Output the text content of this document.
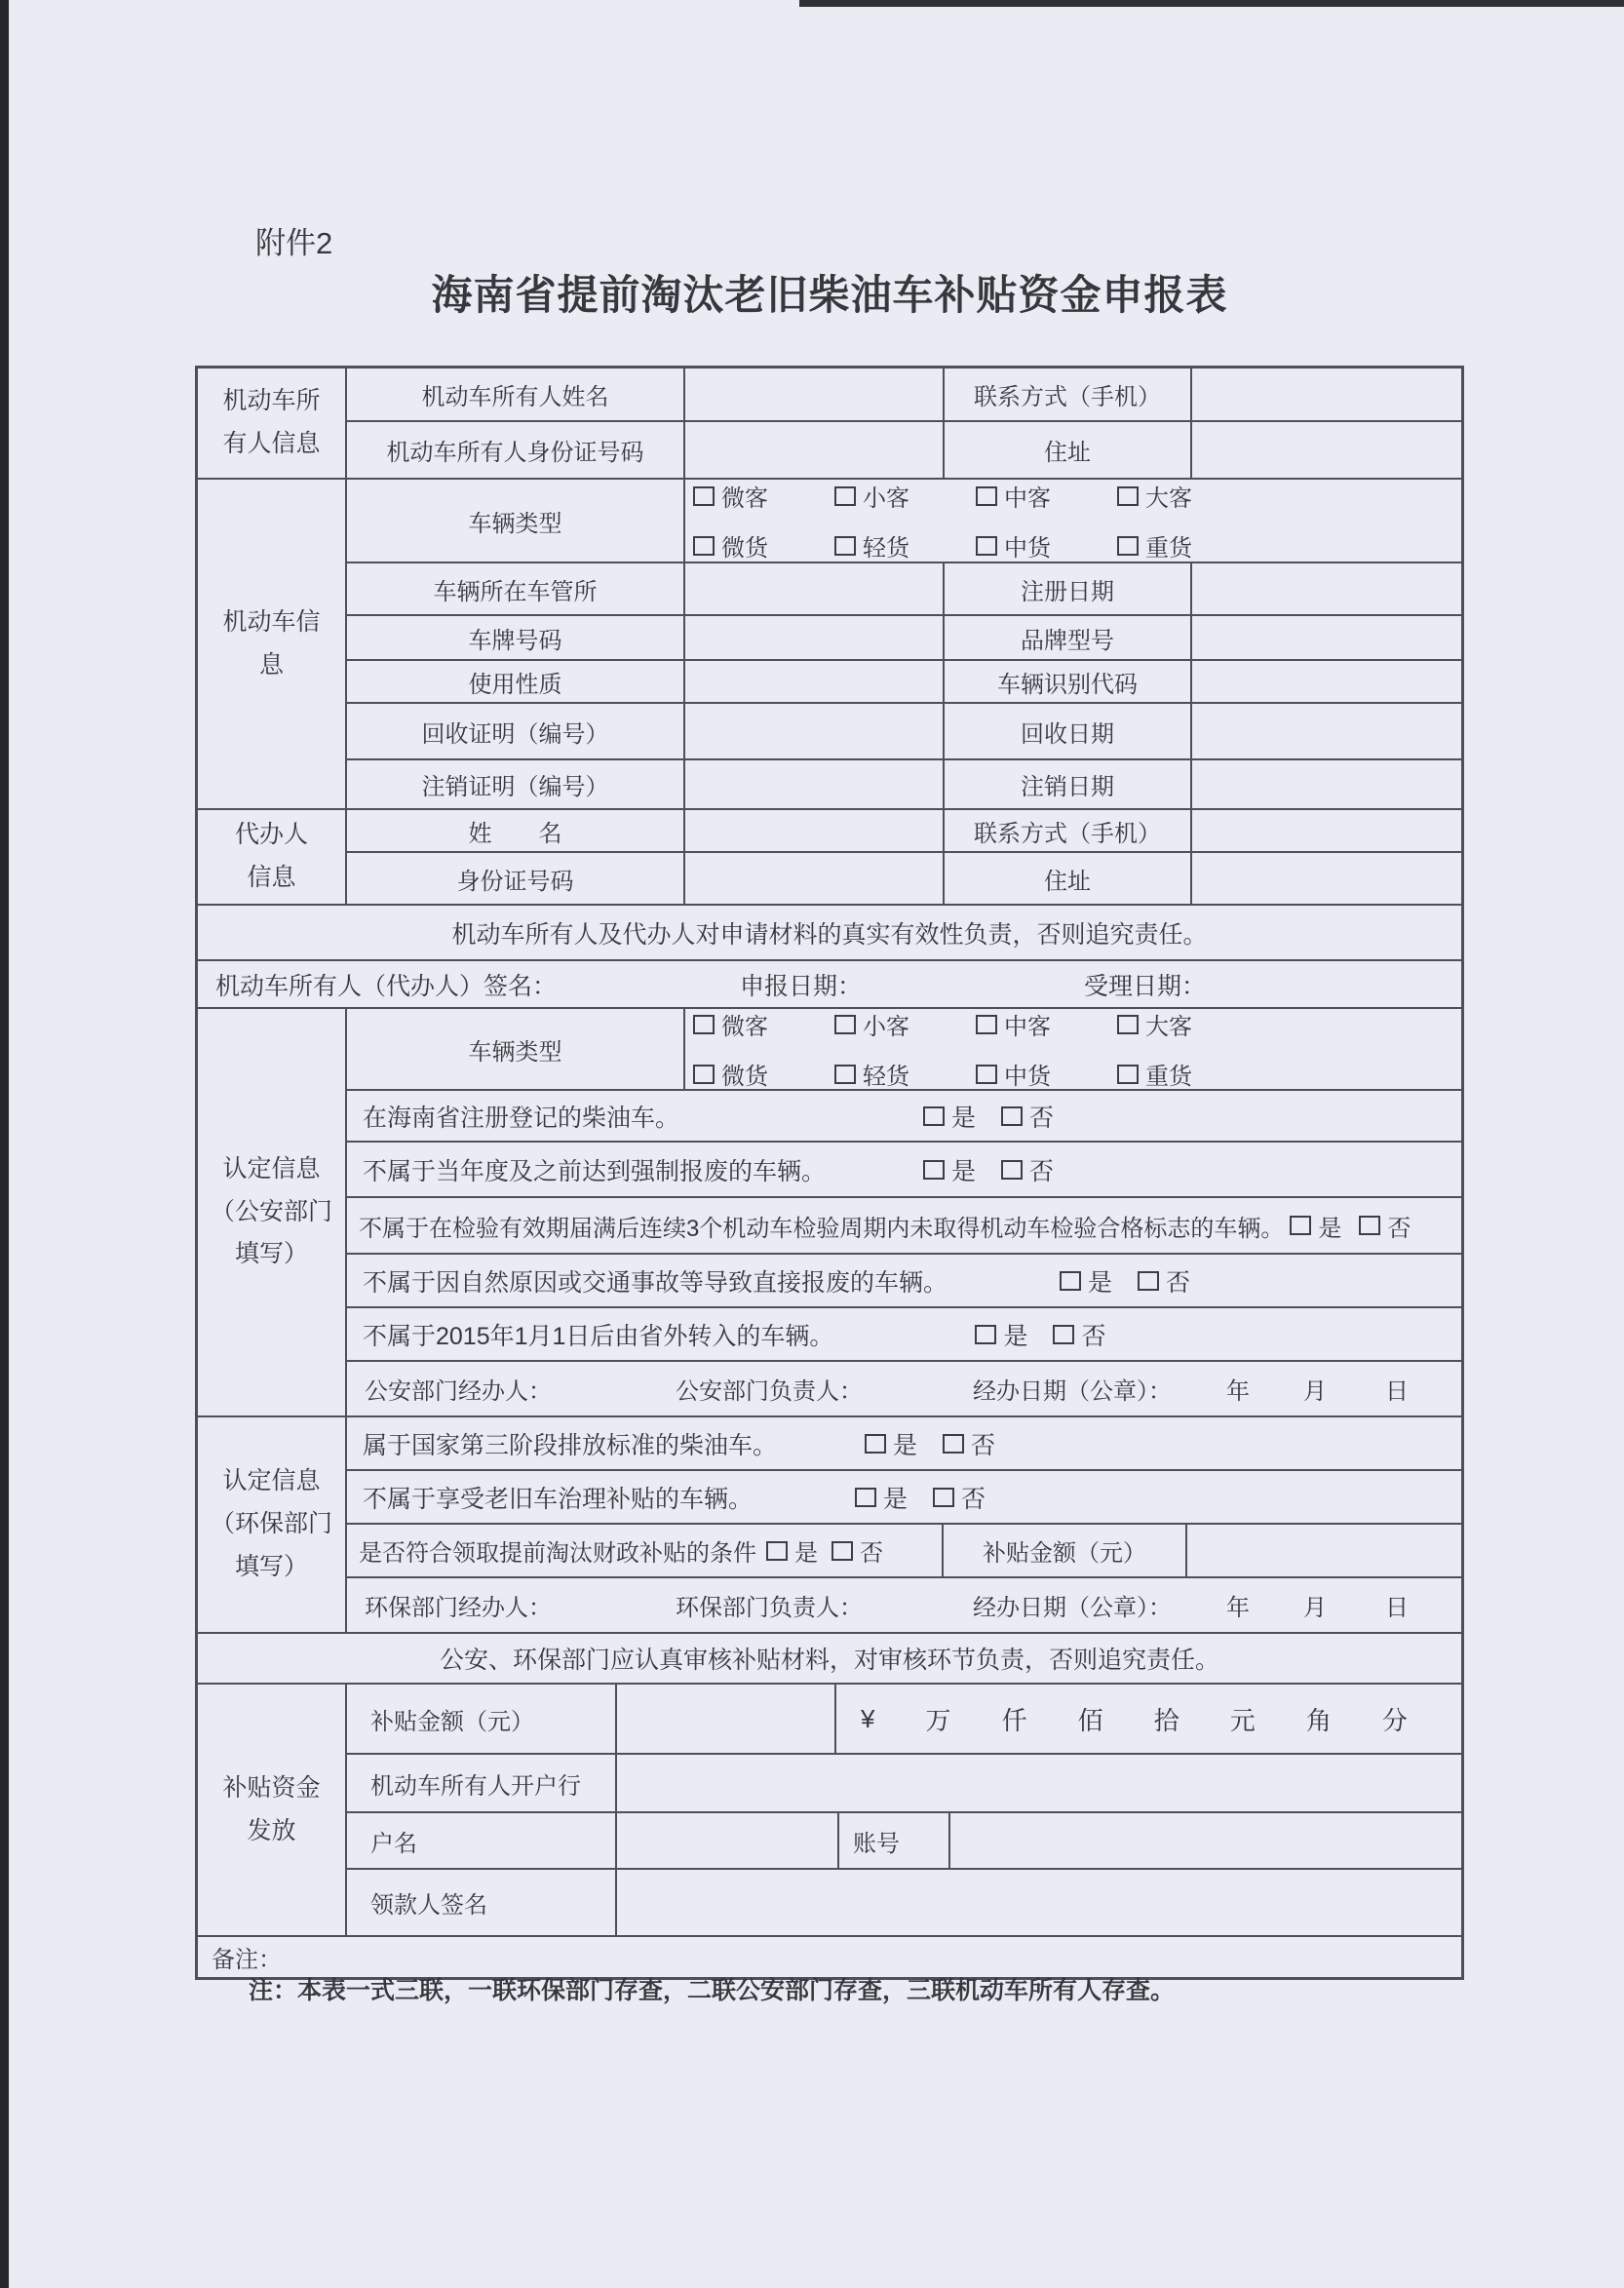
附件2
海南省提前淘汰老旧柴油车补贴资金申报表
机动车所
有人信息
机动车所有人姓名	联系方式（手机）
机动车所有人身份证号码	住址
机动车信
息
车辆类型
微客	小客	中客	大客
微货	轻货	中货	重货
车辆所在车管所	注册日期
车牌号码	品牌型号
使用性质	车辆识别代码
回收证明（编号）	回收日期
注销证明（编号）	注销日期
代办人
信息
姓　　名	联系方式（手机）
身份证号码	住址
机动车所有人及代办人对申请材料的真实有效性负责，否则追究责任。
机动车所有人（代办人）签名：	申报日期：	受理日期：
认定信息
（公安部门
填写）
车辆类型
微客	小客	中客	大客
微货	轻货	中货	重货
在海南省注册登记的柴油车。	是 否
不属于当年度及之前达到强制报废的车辆。	是 否
不属于在检验有效期届满后连续3个机动车检验周期内未取得机动车检验合格标志的车辆。 是 否
不属于因自然原因或交通事故等导致直接报废的车辆。	是 否
不属于2015年1月1日后由省外转入的车辆。	是 否
公安部门经办人：	公安部门负责人：	经办日期（公章）： 年 月	日
认定信息
（环保部门
填写）
属于国家第三阶段排放标准的柴油车。	是 否
不属于享受老旧车治理补贴的车辆。	是 否
是否符合领取提前淘汰财政补贴的条件 是 否	补贴金额（元）
环保部门经办人：	环保部门负责人：	经办日期（公章）： 年 月	日
公安、环保部门应认真审核补贴材料，对审核环节负责，否则追究责任。
补贴资金
发放
补贴金额（元）	¥ 万 仟 佰 拾 元 角 分
机动车所有人开户行
户名	账号
领款人签名
备注：
注：本表一式三联，一联环保部门存查，二联公安部门存查，三联机动车所有人存查。
